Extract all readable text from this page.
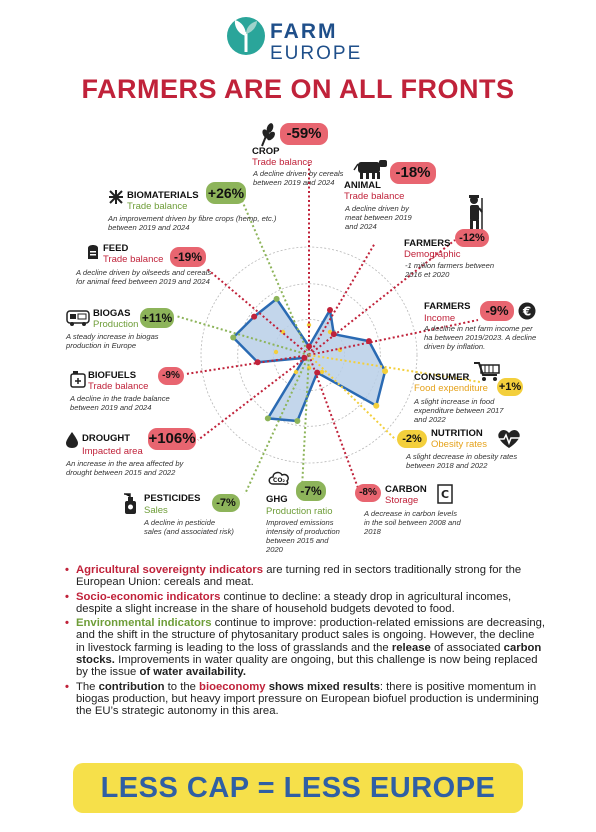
FARM
EUROPE
FARMERS ARE ON ALL FRONTS
-59%
CROP
Trade balance
A decline driven by cereals between 2019 and 2024
-18%
ANIMAL
Trade balance
A decline driven by meat between 2019 and 2024
-12%
FARMERS
Demographic
-1 million farmers between 2016 et 2020
FARMERS	-9%	€
Income
A decline in net farm income per ha between 2019/2023. A decline driven by inflation.
CONSUMER
+1%
Food expenditure
A slight increase in food expenditure between 2017 and 2022
-2% NUTRITION
Obesity rates
A slight decrease in obesity rates between 2018 and 2022
-8% CARBON
Storage C
A decrease in carbon levels in the soil between 2008 and 2018
CO₂
-7%
GHG
Production ratio
Improved emissions intensity of production between 2015 and 2020
PESTICIDES	-7%
Sales
A decline in pesticide sales (and associated risk)
DROUGHT +106%
Impacted area
An increase in the area affected by drought between 2015 and 2022
BIOFUELS	-9%
Trade balance
A decline in the trade balance between 2019 and 2024
BIOGAS +11%
Production
A steady increase in biogas production in Europe
FEED
-19%
Trade balance
A decline driven by oilseeds and cereals for animal feed between 2019 and 2024
BIOMATERIALS +26%
Trade balance
An improvement driven by fibre crops (hemp, etc.) between 2019 and 2024
• Agricultural sovereignty indicators are turning red in sectors traditionally strong for the European Union: cereals and meat.
• Socio-economic indicators continue to decline: a steady drop in agricultural incomes, despite a slight increase in the share of household budgets devoted to food.
• Environmental indicators continue to improve: production-related emissions are decreasing, and the shift in the structure of phytosanitary product sales is ongoing. However, the decline in livestock farming is leading to the loss of grasslands and the release of associated carbon stocks. Improvements in water quality are ongoing, but this challenge is now being replaced by the issue of water availability.
• The contribution to the bioeconomy shows mixed results: there is positive momentum in biogas production, but heavy import pressure on European biofuel production is undermining the EU’s strategic autonomy in this area.
LESS CAP = LESS EUROPE
